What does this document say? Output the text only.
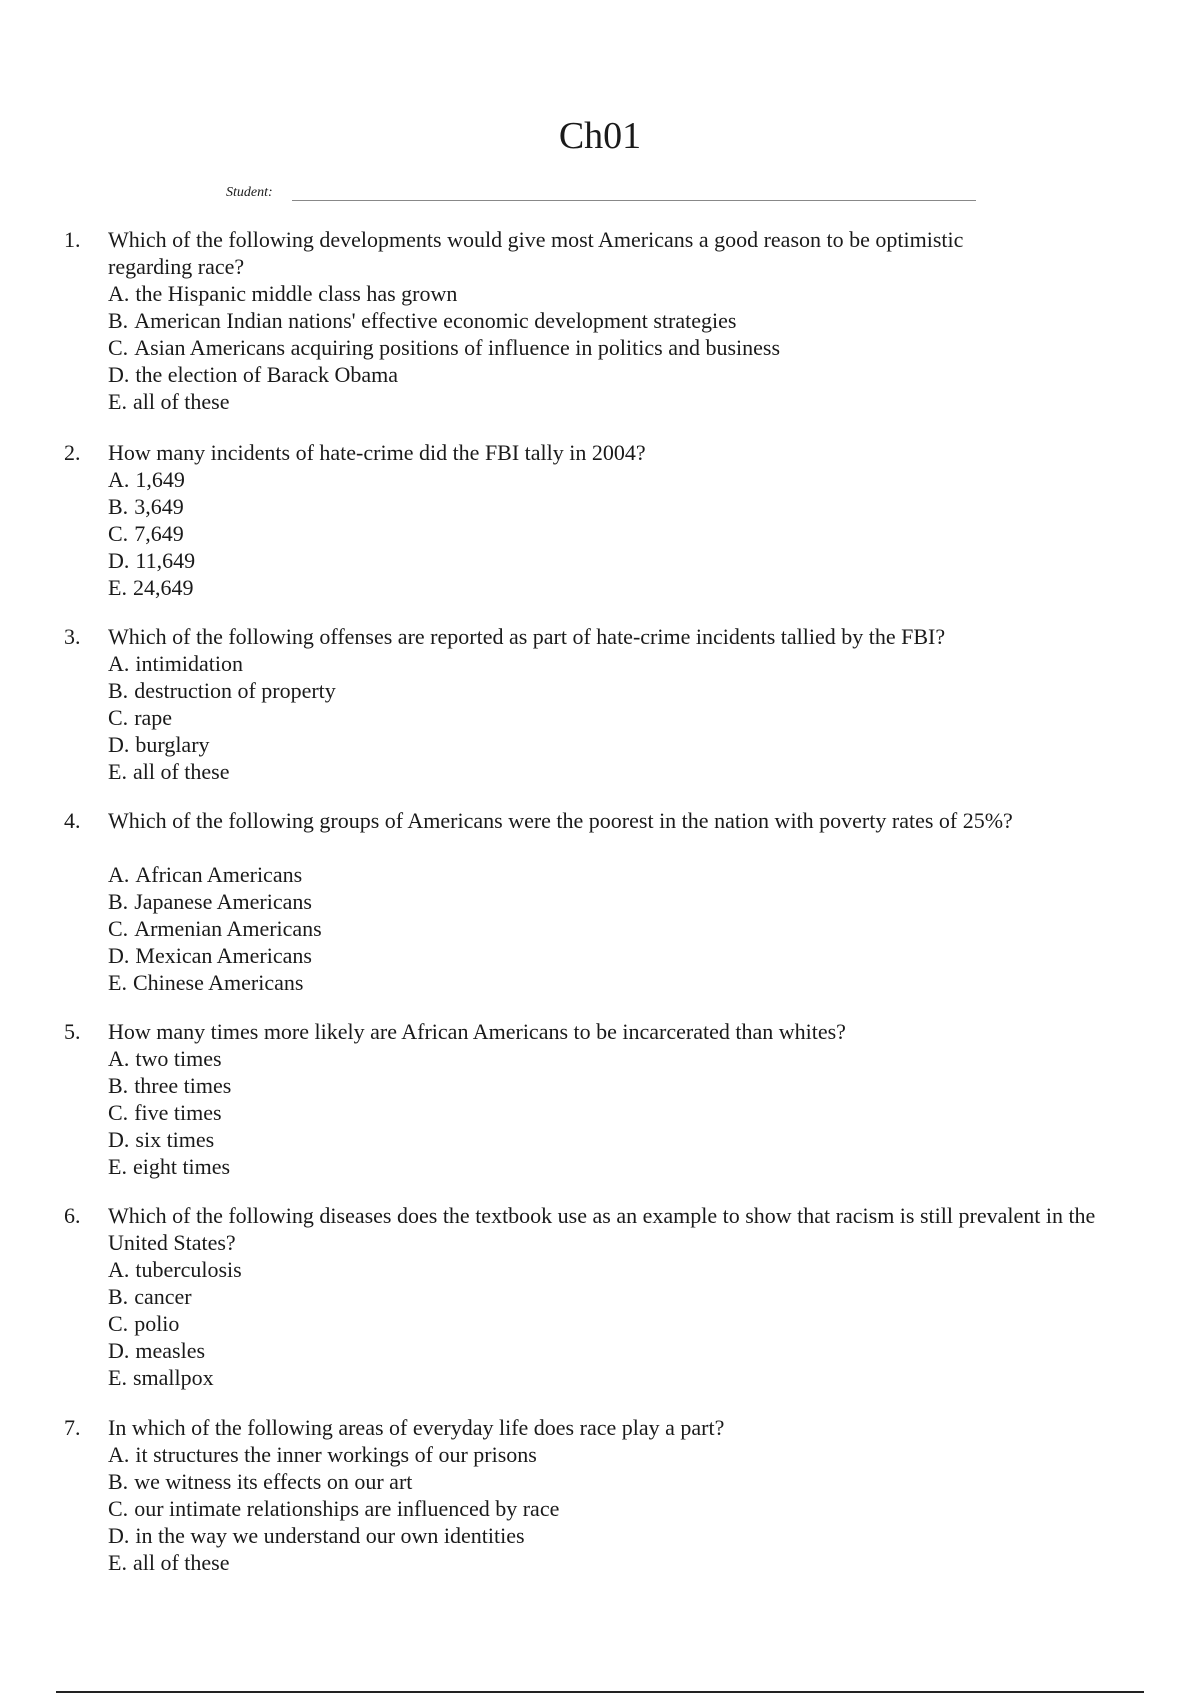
Ch01
Student:
1.	Which of the following developments would give most Americans a good reason to be optimistic regarding race?
A. the Hispanic middle class has grown
B. American Indian nations' effective economic development strategies
C. Asian Americans acquiring positions of influence in politics and business
D. the election of Barack Obama
E. all of these
2.	How many incidents of hate-crime did the FBI tally in 2004?
A. 1,649
B. 3,649
C. 7,649
D. 11,649
E. 24,649
3.	Which of the following offenses are reported as part of hate-crime incidents tallied by the FBI?
A. intimidation
B. destruction of property
C. rape
D. burglary
E. all of these
4.	Which of the following groups of Americans were the poorest in the nation with poverty rates of 25%?
A. African Americans
B. Japanese Americans
C. Armenian Americans
D. Mexican Americans
E. Chinese Americans
5.	How many times more likely are African Americans to be incarcerated than whites?
A. two times
B. three times
C. five times
D. six times
E. eight times
6.	Which of the following diseases does the textbook use as an example to show that racism is still prevalent in the United States?
A. tuberculosis
B. cancer
C. polio
D. measles
E. smallpox
7.	In which of the following areas of everyday life does race play a part?
A. it structures the inner workings of our prisons
B. we witness its effects on our art
C. our intimate relationships are influenced by race
D. in the way we understand our own identities
E. all of these
